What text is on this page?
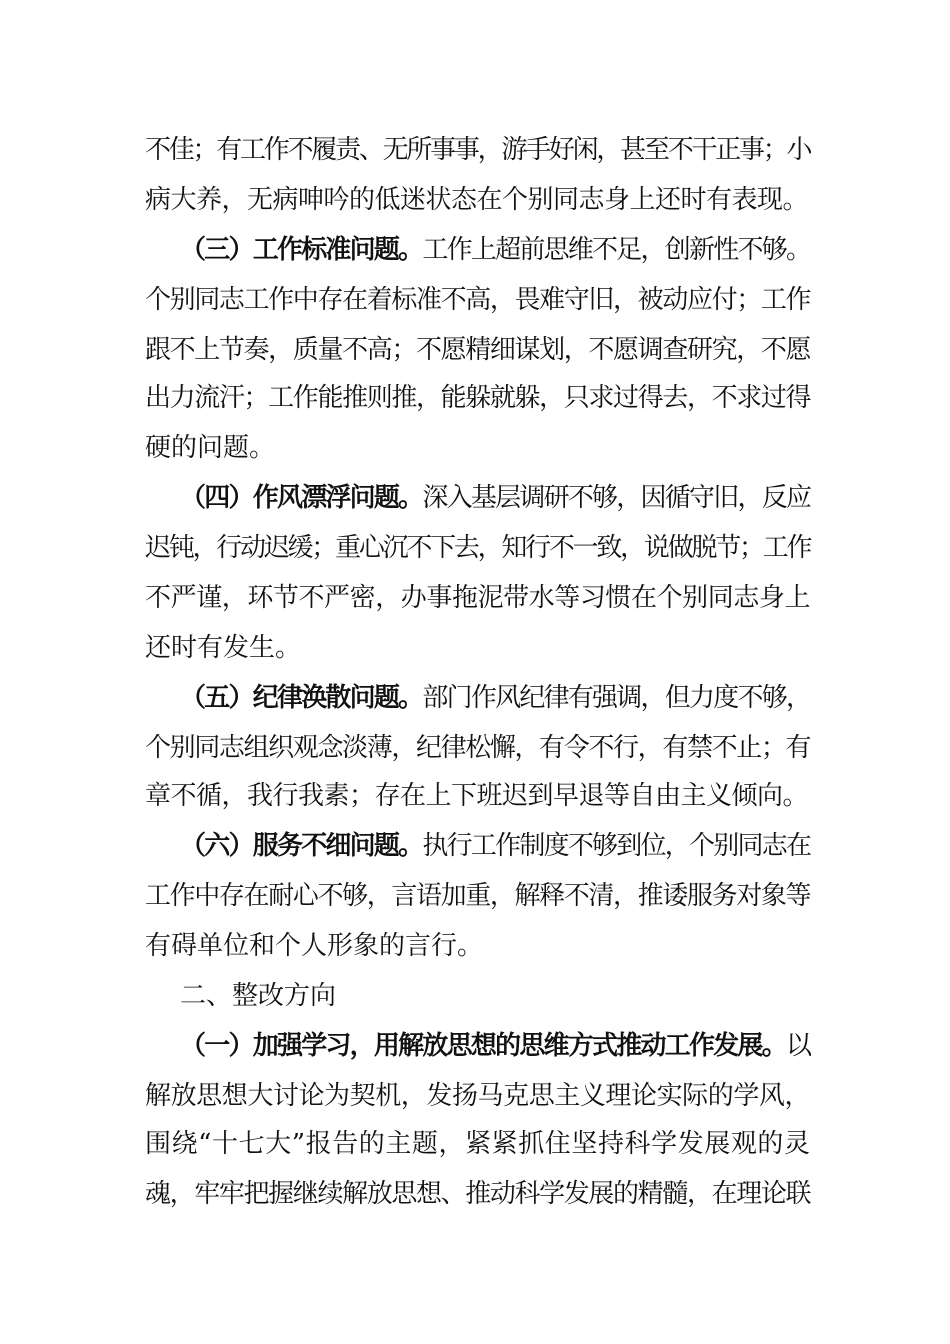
不佳；有工作不履责、无所事事，游手好闲，甚至不干正事；小
病大养，无病呻吟的低迷状态在个别同志身上还时有表现。
（三）工作标准问题。工作上超前思维不足，创新性不够。
个别同志工作中存在着标准不高，畏难守旧，被动应付；工作
跟不上节奏，质量不高；不愿精细谋划，不愿调查研究，不愿
出力流汗；工作能推则推，能躲就躲，只求过得去，不求过得
硬的问题。
（四）作风漂浮问题。深入基层调研不够，因循守旧，反应
迟钝，行动迟缓；重心沉不下去，知行不一致，说做脱节；工作
不严谨，环节不严密，办事拖泥带水等习惯在个别同志身上
还时有发生。
（五）纪律涣散问题。部门作风纪律有强调，但力度不够，
个别同志组织观念淡薄，纪律松懈，有令不行，有禁不止；有
章不循，我行我素；存在上下班迟到早退等自由主义倾向。
（六）服务不细问题。执行工作制度不够到位，个别同志在
工作中存在耐心不够，言语加重，解释不清，推诿服务对象等
有碍单位和个人形象的言行。
二、整改方向
（一）加强学习，用解放思想的思维方式推动工作发展。以
解放思想大讨论为契机，发扬马克思主义理论实际的学风，
围绕“十七大”报告的主题，紧紧抓住坚持科学发展观的灵
魂，牢牢把握继续解放思想、推动科学发展的精髓，在理论联
